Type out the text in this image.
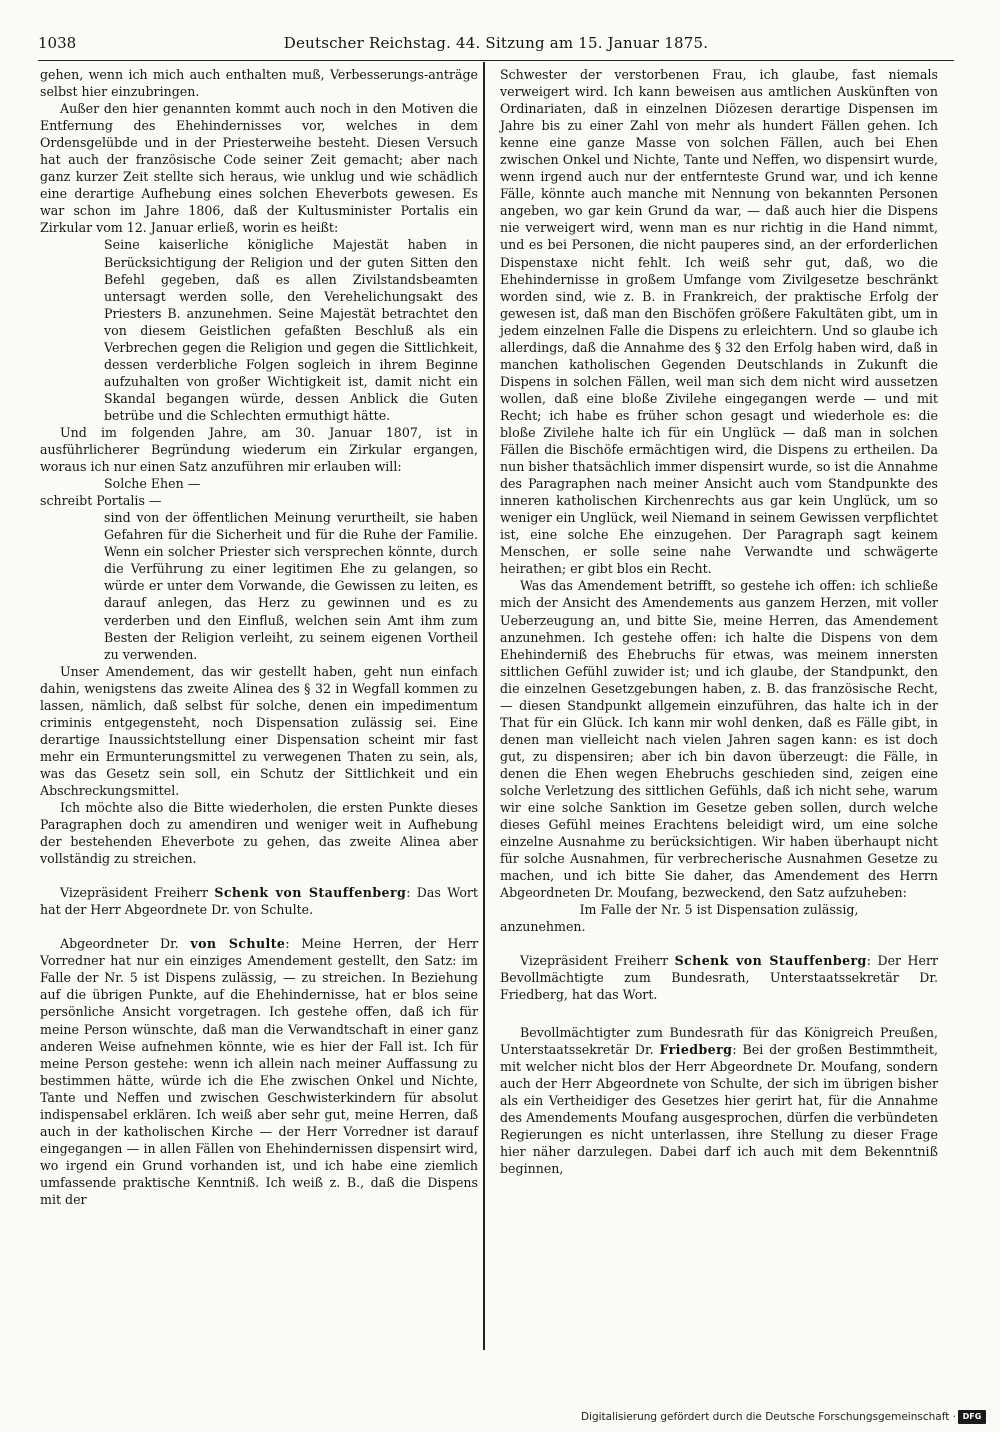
1038	Deutscher Reichstag. 44. Sitzung am 15. Januar 1875.

gehen, wenn ich mich auch enthalten muß, Verbesserungs-anträge selbst hier einzubringen.

Außer den hier genannten kommt auch noch in den Motiven die Entfernung des Ehehindernisses vor, welches in dem Ordensgelübde und in der Priesterweihe besteht. Diesen Versuch hat auch der französische Code seiner Zeit gemacht; aber nach ganz kurzer Zeit stellte sich heraus, wie unklug und wie schädlich eine derartige Aufhebung eines solchen Eheverbots gewesen. Es war schon im Jahre 1806, daß der Kultusminister Portalis ein Zirkular vom 12. Januar erließ, worin es heißt:

Seine kaiserliche königliche Majestät haben in Berücksichtigung der Religion und der guten Sitten den Befehl gegeben, daß es allen Zivilstandsbeamten untersagt werden solle, den Verehelichungsakt des Priesters B. anzunehmen. Seine Majestät betrachtet den von diesem Geistlichen gefaßten Beschluß als ein Verbrechen gegen die Religion und gegen die Sittlichkeit, dessen verderbliche Folgen sogleich in ihrem Beginne aufzuhalten von großer Wichtigkeit ist, damit nicht ein Skandal begangen würde, dessen Anblick die Guten betrübe und die Schlechten ermuthigt hätte.

Und im folgenden Jahre, am 30. Januar 1807, ist in ausführlicherer Begründung wiederum ein Zirkular ergangen, woraus ich nur einen Satz anzuführen mir erlauben will:

Solche Ehen —

schreibt Portalis —

sind von der öffentlichen Meinung verurtheilt, sie haben Gefahren für die Sicherheit und für die Ruhe der Familie. Wenn ein solcher Priester sich versprechen könnte, durch die Verführung zu einer legitimen Ehe zu gelangen, so würde er unter dem Vorwande, die Gewissen zu leiten, es darauf anlegen, das Herz zu gewinnen und es zu verderben und den Einfluß, welchen sein Amt ihm zum Besten der Religion verleiht, zu seinem eigenen Vortheil zu verwenden.

Unser Amendement, das wir gestellt haben, geht nun einfach dahin, wenigstens das zweite Alinea des § 32 in Wegfall kommen zu lassen, nämlich, daß selbst für solche, denen ein impedimentum criminis entgegensteht, noch Dispensation zulässig sei. Eine derartige Inaussichtstellung einer Dispensation scheint mir fast mehr ein Ermunterungsmittel zu verwegenen Thaten zu sein, als, was das Gesetz sein soll, ein Schutz der Sittlichkeit und ein Abschreckungsmittel.

Ich möchte also die Bitte wiederholen, die ersten Punkte dieses Paragraphen doch zu amendiren und weniger weit in Aufhebung der bestehenden Eheverbote zu gehen, das zweite Alinea aber vollständig zu streichen.

Vizepräsident Freiherr Schenk von Stauffenberg: Das Wort hat der Herr Abgeordnete Dr. von Schulte.

Abgeordneter Dr. von Schulte: Meine Herren, der Herr Vorredner hat nur ein einziges Amendement gestellt, den Satz: im Falle der Nr. 5 ist Dispens zulässig, — zu streichen. In Beziehung auf die übrigen Punkte, auf die Ehehindernisse, hat er blos seine persönliche Ansicht vorgetragen. Ich gestehe offen, daß ich für meine Person wünschte, daß man die Verwandtschaft in einer ganz anderen Weise aufnehmen könnte, wie es hier der Fall ist. Ich für meine Person gestehe: wenn ich allein nach meiner Auffassung zu bestimmen hätte, würde ich die Ehe zwischen Onkel und Nichte, Tante und Neffen und zwischen Geschwisterkindern für absolut indispensabel erklären. Ich weiß aber sehr gut, meine Herren, daß auch in der katholischen Kirche — der Herr Vorredner ist darauf eingegangen — in allen Fällen von Ehehindernissen dispensirt wird, wo irgend ein Grund vorhanden ist, und ich habe eine ziemlich umfassende praktische Kenntniß. Ich weiß z. B., daß die Dispens mit der

Schwester der verstorbenen Frau, ich glaube, fast niemals verweigert wird. Ich kann beweisen aus amtlichen Auskünften von Ordinariaten, daß in einzelnen Diözesen derartige Dispensen im Jahre bis zu einer Zahl von mehr als hundert Fällen gehen. Ich kenne eine ganze Masse von solchen Fällen, auch bei Ehen zwischen Onkel und Nichte, Tante und Neffen, wo dispensirt wurde, wenn irgend auch nur der entfernteste Grund war, und ich kenne Fälle, könnte auch manche mit Nennung von bekannten Personen angeben, wo gar kein Grund da war, — daß auch hier die Dispens nie verweigert wird, wenn man es nur richtig in die Hand nimmt, und es bei Personen, die nicht pauperes sind, an der erforderlichen Dispenstaxe nicht fehlt. Ich weiß sehr gut, daß, wo die Ehehindernisse in großem Umfange vom Zivilgesetze beschränkt worden sind, wie z. B. in Frankreich, der praktische Erfolg der gewesen ist, daß man den Bischöfen größere Fakultäten gibt, um in jedem einzelnen Falle die Dispens zu erleichtern. Und so glaube ich allerdings, daß die Annahme des § 32 den Erfolg haben wird, daß in manchen katholischen Gegenden Deutschlands in Zukunft die Dispens in solchen Fällen, weil man sich dem nicht wird aussetzen wollen, daß eine bloße Zivilehe eingegangen werde — und mit Recht; ich habe es früher schon gesagt und wiederhole es: die bloße Zivilehe halte ich für ein Unglück — daß man in solchen Fällen die Bischöfe ermächtigen wird, die Dispens zu ertheilen. Da nun bisher thatsächlich immer dispensirt wurde, so ist die Annahme des Paragraphen nach meiner Ansicht auch vom Standpunkte des inneren katholischen Kirchenrechts aus gar kein Unglück, um so weniger ein Unglück, weil Niemand in seinem Gewissen verpflichtet ist, eine solche Ehe einzugehen. Der Paragraph sagt keinem Menschen, er solle seine nahe Verwandte und schwägerte heirathen; er gibt blos ein Recht.

Was das Amendement betrifft, so gestehe ich offen: ich schließe mich der Ansicht des Amendements aus ganzem Herzen, mit voller Ueberzeugung an, und bitte Sie, meine Herren, das Amendement anzunehmen. Ich gestehe offen: ich halte die Dispens von dem Ehehinderniß des Ehebruchs für etwas, was meinem innersten sittlichen Gefühl zuwider ist; und ich glaube, der Standpunkt, den die einzelnen Gesetzgebungen haben, z. B. das französische Recht, — diesen Standpunkt allgemein einzuführen, das halte ich in der That für ein Glück. Ich kann mir wohl denken, daß es Fälle gibt, in denen man vielleicht nach vielen Jahren sagen kann: es ist doch gut, zu dispensiren; aber ich bin davon überzeugt: die Fälle, in denen die Ehen wegen Ehebruchs geschieden sind, zeigen eine solche Verletzung des sittlichen Gefühls, daß ich nicht sehe, warum wir eine solche Sanktion im Gesetze geben sollen, durch welche dieses Gefühl meines Erachtens beleidigt wird, um eine solche einzelne Ausnahme zu berücksichtigen. Wir haben überhaupt nicht für solche Ausnahmen, für verbrecherische Ausnahmen Gesetze zu machen, und ich bitte Sie daher, das Amendement des Herrn Abgeordneten Dr. Moufang, bezweckend, den Satz aufzuheben:

Im Falle der Nr. 5 ist Dispensation zulässig,

anzunehmen.

Vizepräsident Freiherr Schenk von Stauffenberg: Der Herr Bevollmächtigte zum Bundesrath, Unterstaatssekretär Dr. Friedberg, hat das Wort.

Bevollmächtigter zum Bundesrath für das Königreich Preußen, Unterstaatssekretär Dr. Friedberg: Bei der großen Bestimmtheit, mit welcher nicht blos der Herr Abgeordnete Dr. Moufang, sondern auch der Herr Abgeordnete von Schulte, der sich im übrigen bisher als ein Vertheidiger des Gesetzes hier gerirt hat, für die Annahme des Amendements Moufang ausgesprochen, dürfen die verbündeten Regierungen es nicht unterlassen, ihre Stellung zu dieser Frage hier näher darzulegen. Dabei darf ich auch mit dem Bekenntniß beginnen,

Digitalisierung gefördert durch die Deutsche Forschungsgemeinschaft · DFG
